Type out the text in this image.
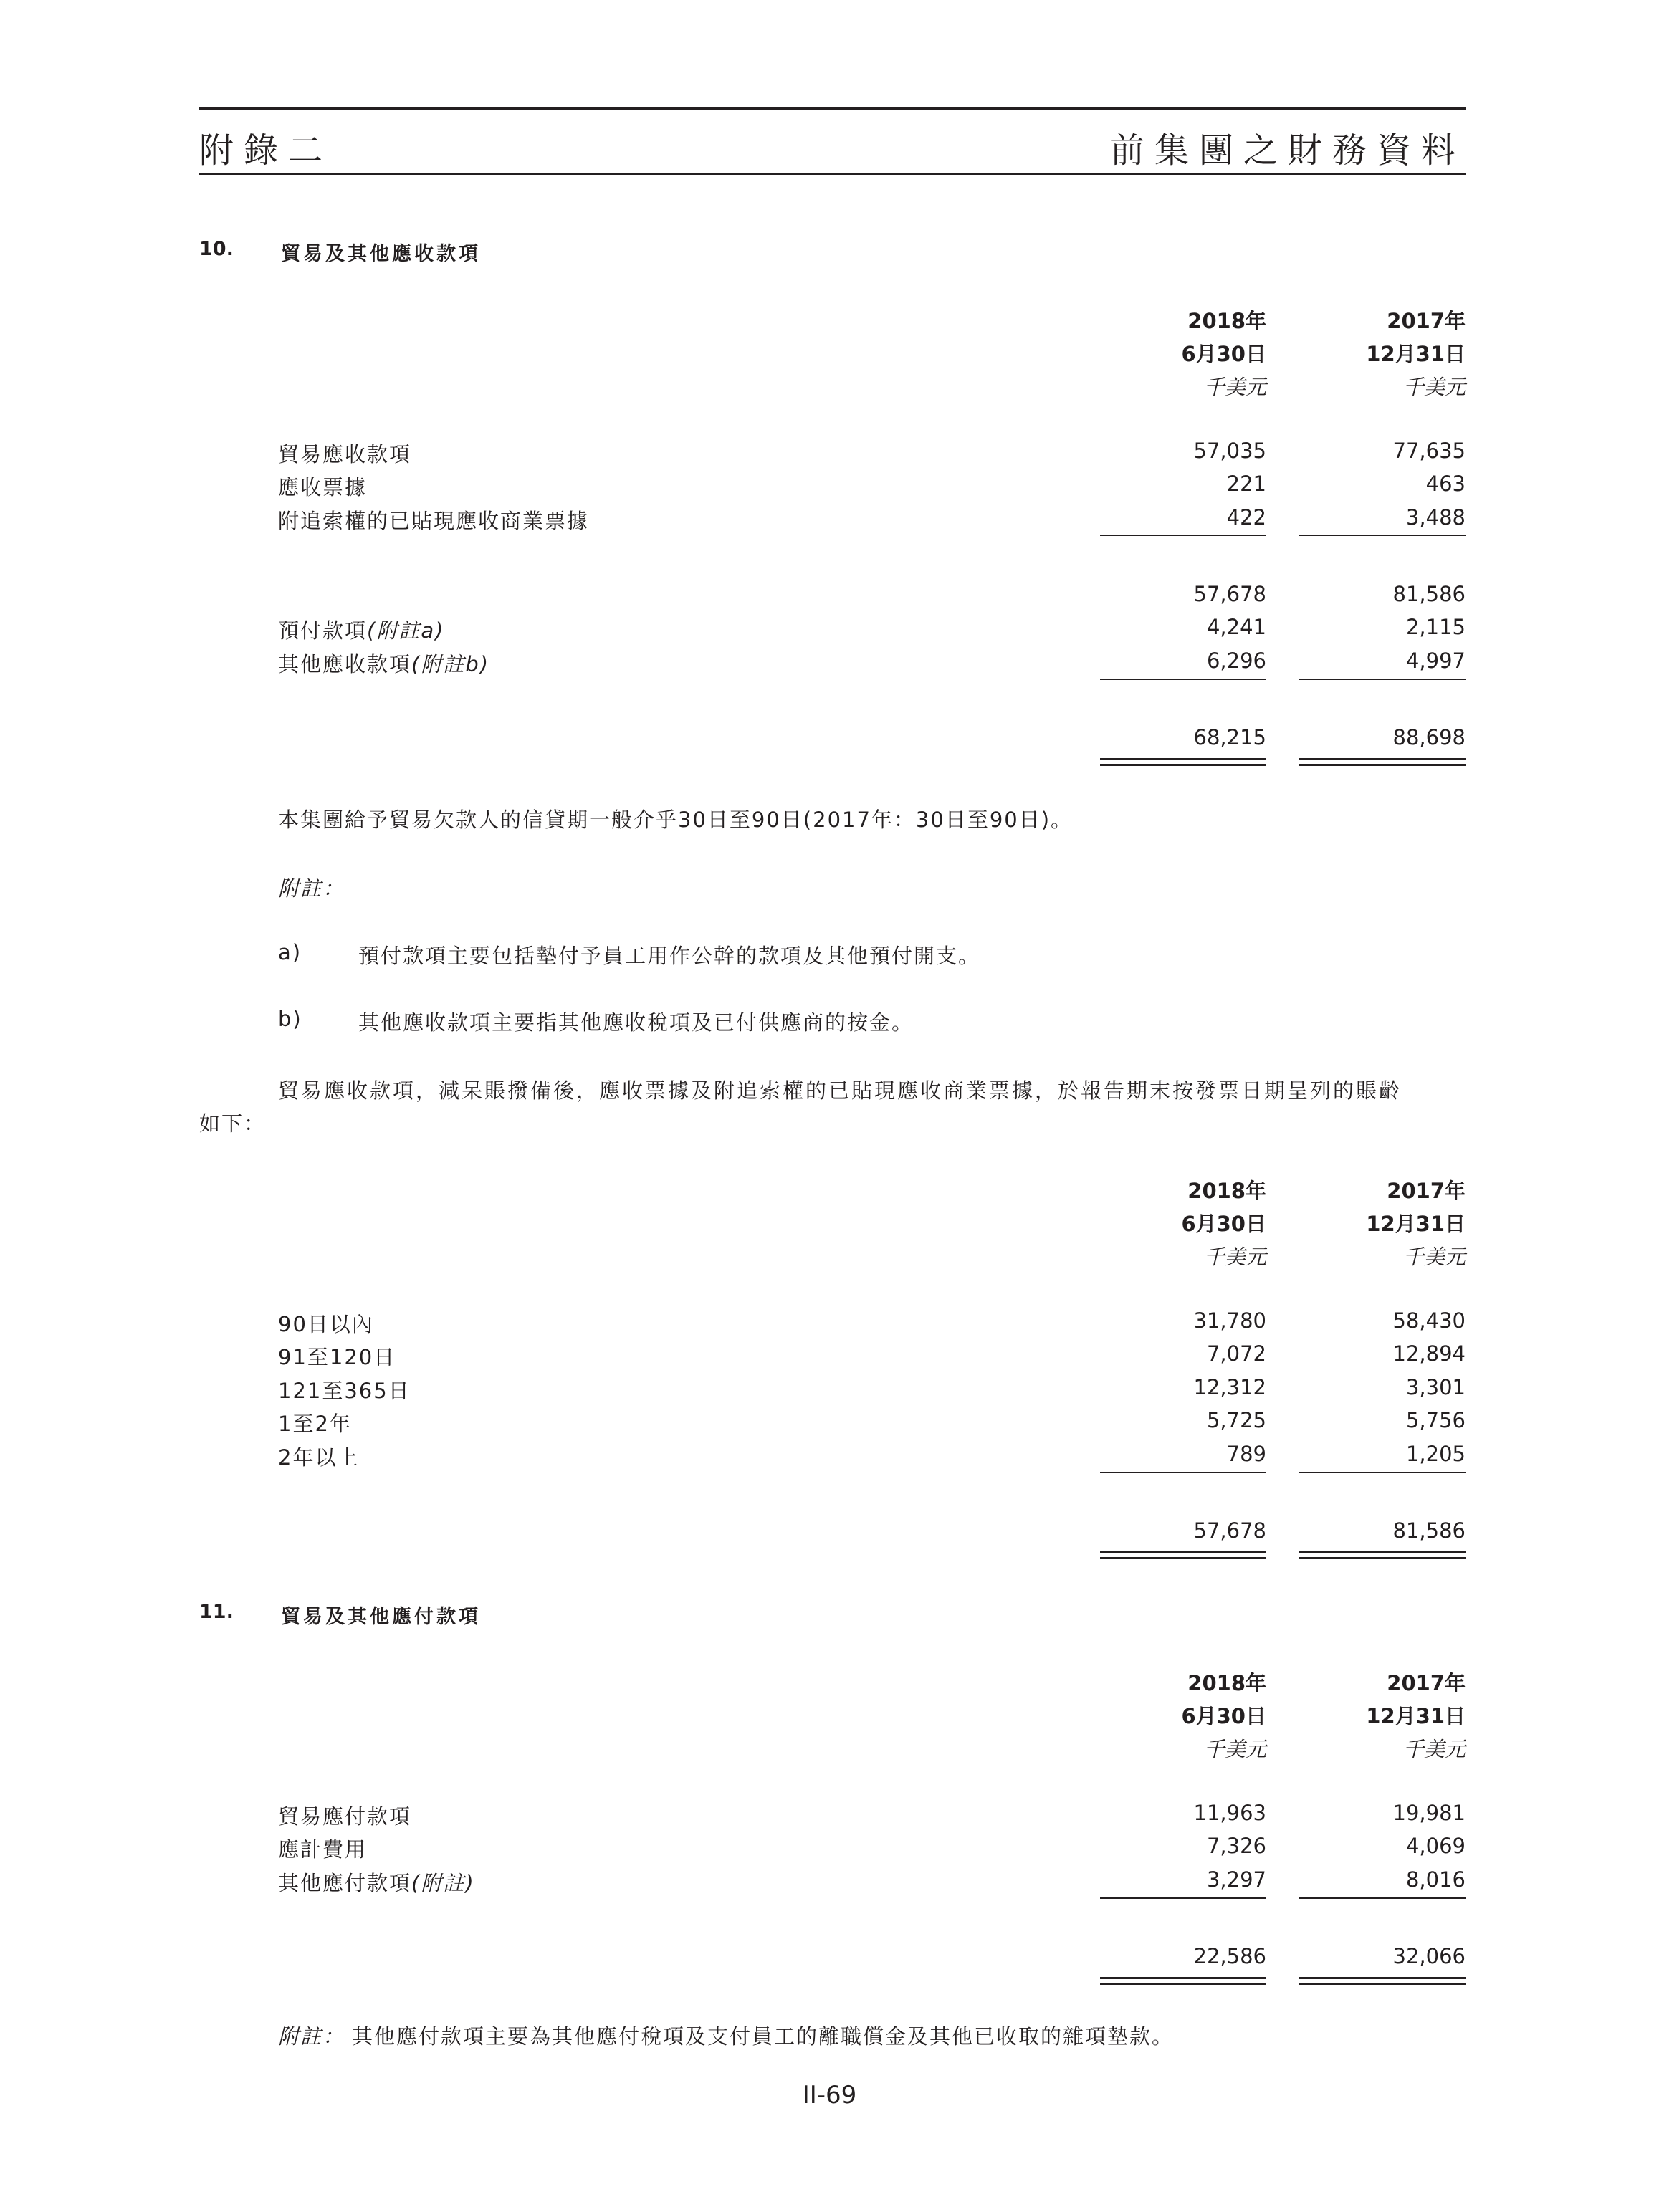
附錄二	前集團之財務資料
10. 貿易及其他應收款項
2018年	2017年
6月30日	12月31日
千美元	千美元
貿易應收款項	57,035	77,635
應收票據	221	463
附追索權的已貼現應收商業票據	422	3,488
57,678	81,586
預付款項(附註a)	4,241	2,115
其他應收款項(附註b)	6,296	4,997
68,215	88,698
本集團給予貿易欠款人的信貸期一般介乎30日至90日(2017年：30日至90日)。
附註：
a)	預付款項主要包括墊付予員工用作公幹的款項及其他預付開支。
b)	其他應收款項主要指其他應收稅項及已付供應商的按金。
貿易應收款項，減呆賬撥備後，應收票據及附追索權的已貼現應收商業票據，於報告期末按發票日期呈列的賬齡
如下：
2018年	2017年
6月30日	12月31日
千美元	千美元
90日以內	31,780	58,430
91至120日	7,072	12,894
121至365日	12,312	3,301
1至2年	5,725	5,756
2年以上	789	1,205
57,678	81,586
11. 貿易及其他應付款項
2018年	2017年
6月30日	12月31日
千美元	千美元
貿易應付款項	11,963	19,981
應計費用	7,326	4,069
其他應付款項(附註)	3,297	8,016
22,586	32,066
附註： 其他應付款項主要為其他應付稅項及支付員工的離職償金及其他已收取的雜項墊款。
II-69
